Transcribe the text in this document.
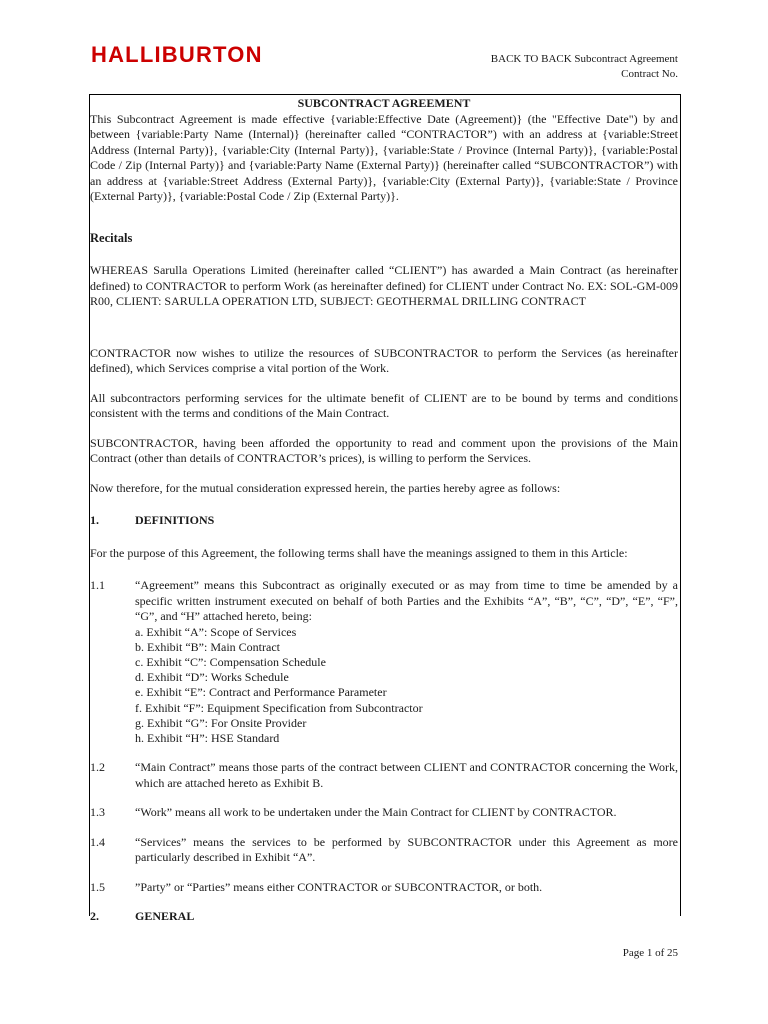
HALLIBURTON	BACK TO BACK Subcontract Agreement
Contract No.
SUBCONTRACT AGREEMENT

This Subcontract Agreement is made effective {variable:Effective Date (Agreement)} (the "Effective Date") by and between {variable:Party Name (Internal)} (hereinafter called “CONTRACTOR”) with an address at {variable:Street Address (Internal Party)}, {variable:City (Internal Party)}, {variable:State / Province (Internal Party)}, {variable:Postal Code / Zip (Internal Party)} and {variable:Party Name (External Party)} (hereinafter called “SUBCONTRACTOR”) with an address at {variable:Street Address (External Party)}, {variable:City (External Party)}, {variable:State / Province (External Party)}, {variable:Postal Code / Zip (External Party)}.

Recitals

WHEREAS Sarulla Operations Limited (hereinafter called “CLIENT”) has awarded a Main Contract (as hereinafter defined) to CONTRACTOR to perform Work (as hereinafter defined) for CLIENT under Contract No. EX: SOL-GM-009 R00, CLIENT: SARULLA OPERATION LTD, SUBJECT: GEOTHERMAL DRILLING CONTRACT

CONTRACTOR now wishes to utilize the resources of SUBCONTRACTOR to perform the Services (as hereinafter defined), which Services comprise a vital portion of the Work.

All subcontractors performing services for the ultimate benefit of CLIENT are to be bound by terms and conditions consistent with the terms and conditions of the Main Contract.

SUBCONTRACTOR, having been afforded the opportunity to read and comment upon the provisions of the Main Contract (other than details of CONTRACTOR’s prices), is willing to perform the Services.

Now therefore, for the mutual consideration expressed herein, the parties hereby agree as follows:

1.	DEFINITIONS

For the purpose of this Agreement, the following terms shall have the meanings assigned to them in this Article:

1.1	“Agreement” means this Subcontract as originally executed or as may from time to time be amended by a specific written instrument executed on behalf of both Parties and the Exhibits “A”, “B”, “C”, “D”, “E”, “F”, “G”, and “H” attached hereto, being:

a. Exhibit “A”: Scope of Services
b. Exhibit “B”: Main Contract
c. Exhibit “C”: Compensation Schedule
d. Exhibit “D”: Works Schedule
e. Exhibit “E”: Contract and Performance Parameter
f. Exhibit “F”: Equipment Specification from Subcontractor
g. Exhibit “G”: For Onsite Provider
h. Exhibit “H”: HSE Standard
1.2	“Main Contract” means those parts of the contract between CLIENT and CONTRACTOR concerning the Work, which are attached hereto as Exhibit B.

1.3	“Work” means all work to be undertaken under the Main Contract for CLIENT by CONTRACTOR.

1.4	“Services” means the services to be performed by SUBCONTRACTOR under this Agreement as more particularly described in Exhibit “A”.

1.5	”Party” or “Parties” means either CONTRACTOR or SUBCONTRACTOR, or both.

2.	GENERAL
Page 1 of 25
